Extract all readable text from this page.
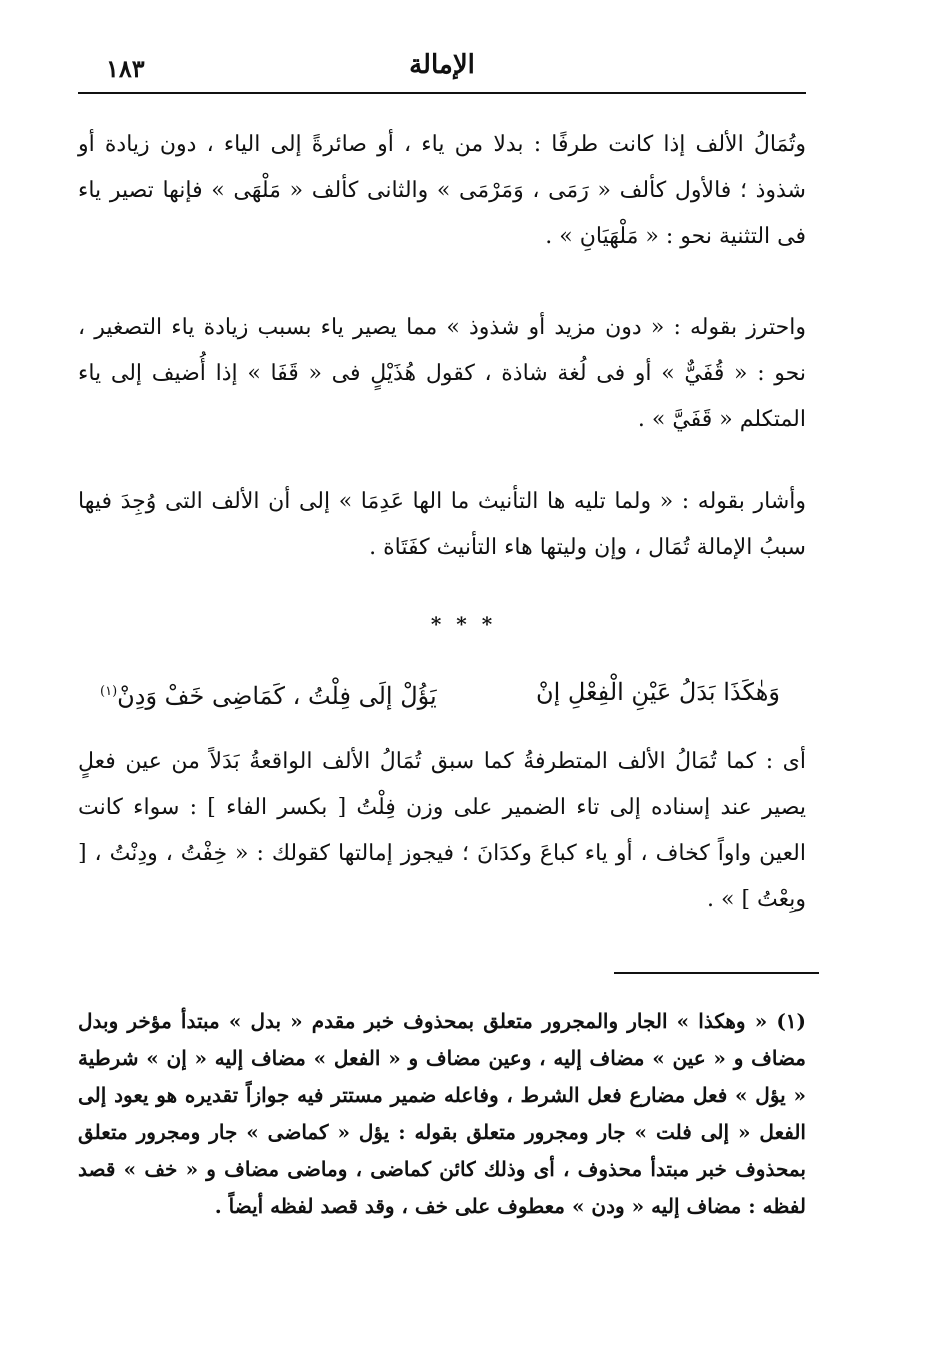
١٨٣	الإمالة

وتُمَالُ الألف إذا كانت طرفًا : بدلا من ياء ، أو صائرةً إلى الياء ، دون زيادة أو شذوذ ؛ فالأول كألف « رَمَى ، وَمَرْمَى » والثانى كألف « مَلْهَى » فإنها تصير ياء فى التثنية نحو : « مَلْهَيَانِ » .

واحترز بقوله : « دون مزيد أو شذوذ » مما يصير ياء بسبب زيادة ياء التصغير ، نحو : « قُفَيٌّ » أو فى لُغة شاذة ، كقول هُذَيْلٍ فى « قَفَا » إذا أُضيف إلى ياء المتكلم « قَفَيَّ » .

وأشار بقوله : « ولما تليه ها التأنيث ما الها عَدِمَا » إلى أن الألف التى وُجِدَ فيها سببُ الإمالة تُمَال ، وإن وليتها هاء التأنيث كفَتَاة .

* * *
وَهٰكَذَا بَدَلُ عَيْنِ الْفِعْلِ إنْ
يَؤُلْ إلَى فِلْتُ ، كَمَاضِى خَفْ وَدِنْ$^{(١)}$

أى : كما تُمَالُ الألف المتطرفةُ كما سبق تُمَالُ الألف الواقعةُ بَدَلاً من عين فعلٍ يصير عند إسناده إلى تاء الضمير على وزن فِلْتُ [ بكسر الفاء ] : سواء كانت العين واواً كخاف ، أو ياء كباعَ وكدَانَ ؛ فيجوز إمالتها كقولك : « خِفْتُ ، ودِنْتُ ، [ وبِعْتُ ] » .

(١) « وهكذا » الجار والمجرور متعلق بمحذوف خبر مقدم « بدل » مبتدأ مؤخر وبدل مضاف و « عين » مضاف إليه ، وعين مضاف و « الفعل » مضاف إليه « إن » شرطية « يؤل » فعل مضارع فعل الشرط ، وفاعله ضمير مستتر فيه جوازاً تقديره هو يعود إلى الفعل « إلى فلت » جار ومجرور متعلق بقوله : يؤل « كماضى » جار ومجرور متعلق بمحذوف خبر مبتدأ محذوف ، أى وذلك كائن كماضى ، وماضى مضاف و « خف » قصد لفظه : مضاف إليه « ودن » معطوف على خف ، وقد قصد لفظه أيضاً .
